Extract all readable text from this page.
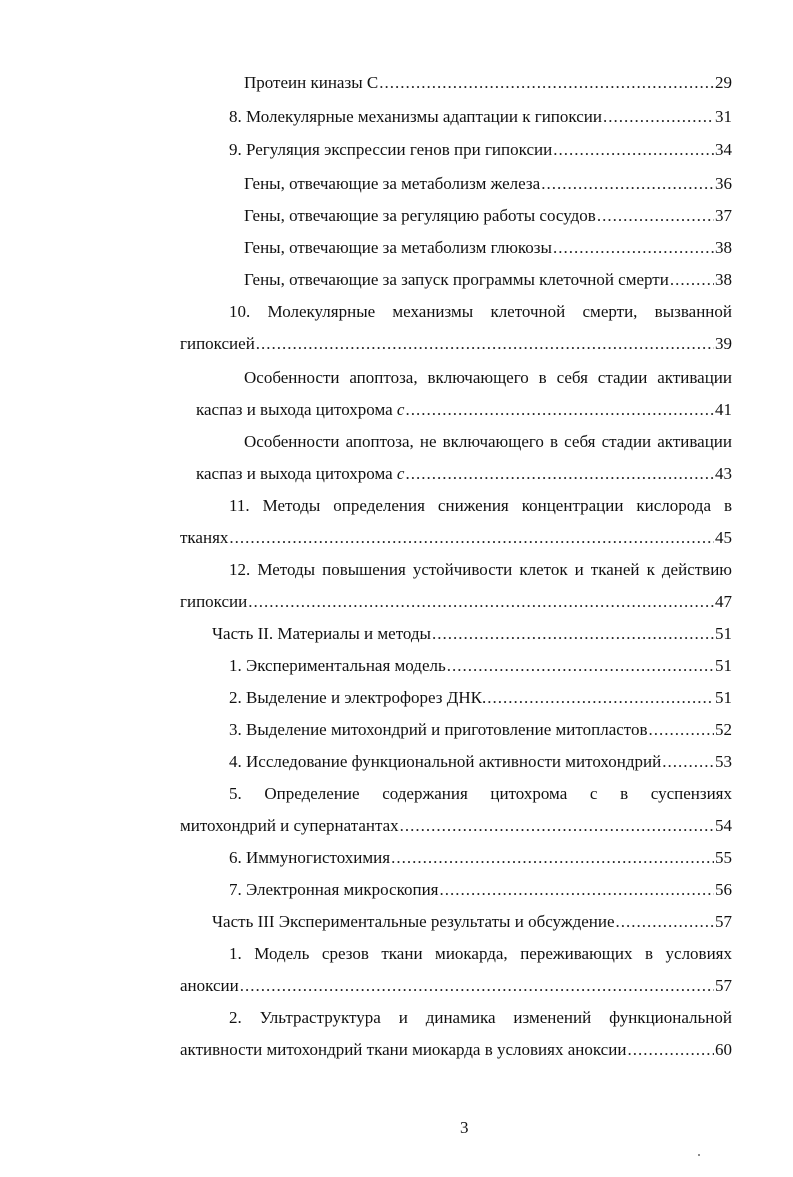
Протеин киназы С .....	29
8. Молекулярные механизмы адаптации к гипоксии .....	31
9. Регуляция экспрессии генов при гипоксии .....	34
Гены, отвечающие за метаболизм железа .....	36
Гены, отвечающие за регуляцию работы сосудов .....	37
Гены, отвечающие за метаболизм глюкозы .....	38
Гены, отвечающие за запуск программы клеточной смерти .....	38
10. Молекулярные механизмы клеточной смерти, вызванной
гипоксией .....	39
Особенности апоптоза, включающего в себя стадии активации
каспаз и выхода цитохрома с .....	41
Особенности апоптоза, не включающего в себя стадии активации
каспаз и выхода цитохрома с .....	43
11. Методы определения снижения концентрации кислорода в
тканях .....	45
12. Методы повышения устойчивости клеток и тканей к действию
гипоксии .....	47
Часть II. Материалы и методы .....	51
1. Экспериментальная модель .....	51
2. Выделение и электрофорез ДНК. .....	51
3. Выделение митохондрий и приготовление митопластов .....	52
4. Исследование функциональной активности митохондрий .....	53
5. Определение содержания цитохрома с в суспензиях
митохондрий и супернатантах .....	54
6. Иммуногистохимия .....	55
7. Электронная микроскопия .....	56
Часть III Экспериментальные результаты и обсуждение .....	57
1. Модель срезов ткани миокарда, переживающих в условиях
аноксии .....	57
2. Ультраструктура и динамика изменений функциональной
активности митохондрий ткани миокарда в условиях аноксии .....	60
3
